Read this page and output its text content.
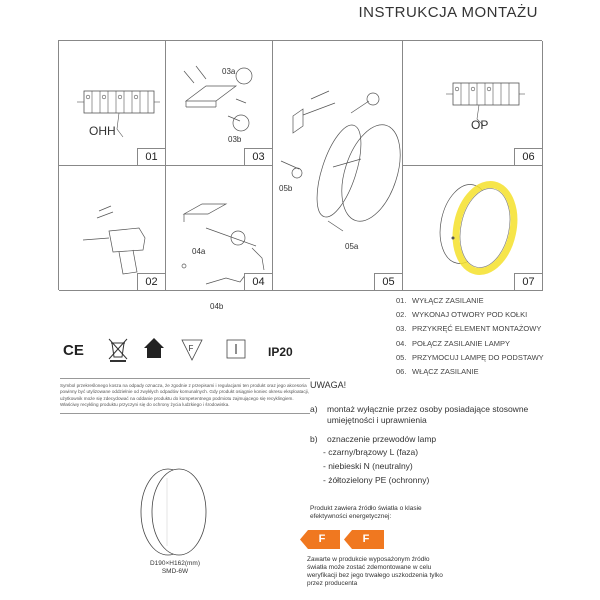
INSTRUKCJA MONTAŻU
OHH
01
03a
03b
03
05b
05a
05
OP
06
02
04a
04b
04	07
01. WYŁĄCZ ZASILANIE
02. WYKONAJ OTWORY POD KOŁKI
03. PRZYKRĘĆ ELEMENT MONTAŻOWY
04. POŁĄCZ ZASILANIE LAMPY
05. PRZYMOCUJ LAMPĘ DO PODSTAWY
06. WŁĄCZ ZASILANIE
CE	F	IP20
Symbol przekreślonego kosza na odpady oznacza, że zgodnie z przepisami i regulacjami ten produkt oraz jego akcesoria powinny być utylizowane oddzielnie od zwykłych odpadów komunalnych. Gdy produkt osiągnie koniec okresu eksploatacji, użytkownik może się zdecydować na oddanie produktu do kompetentnego podmiotu zajmującego się recyklingiem. Właściwy recykling produktu przyczyni się do ochrony życia ludzkiego i środowiska.
UWAGA!
a)	montaż wyłącznie przez osoby posiadające stosowne umiejętności i uprawnienia
b)	oznaczenie przewodów lamp
- czarny/brązowy L (faza)
- niebieski N (neutralny)
- żółtozielony PE (ochronny)
Produkt zawiera źródło światła o klasie
efektywności energetycznej:
F	F
Zawarte w produkcie wyposażonym źródło
światła może zostać zdemontowane w celu
weryfikacji bez jego trwałego uszkodzenia tylko
przez producenta
D190×H162(mm)
SMD-6W
